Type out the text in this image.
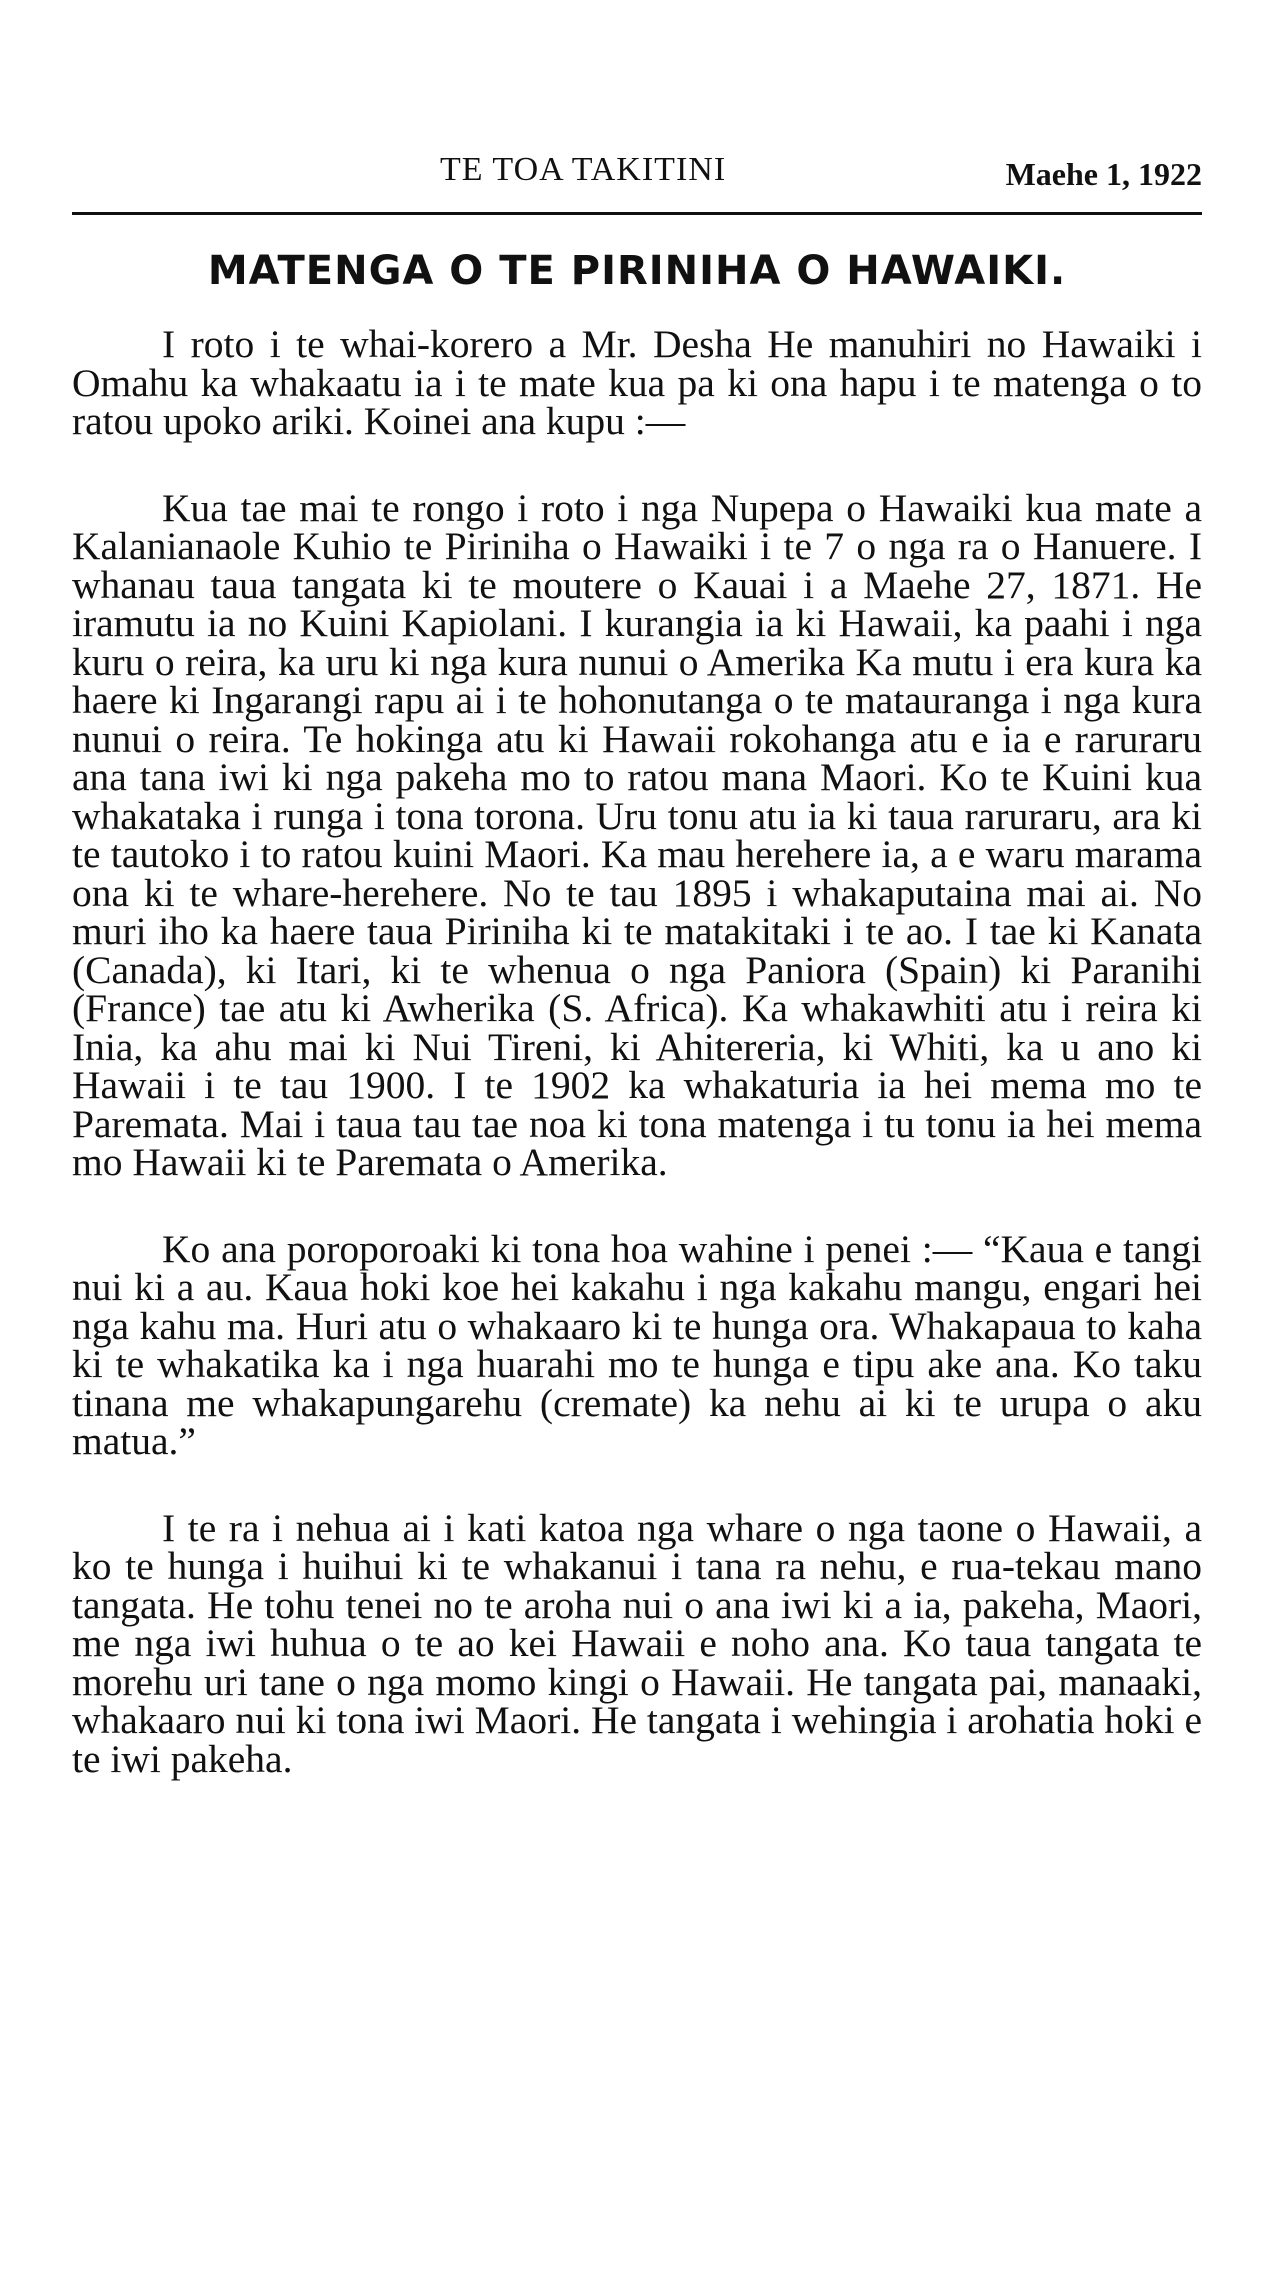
TE TOA TAKITINI	Maehe 1, 1922
MATENGA O TE PIRINIHA O HAWAIKI.

I roto i te whai-korero a Mr. Desha He manuhiri no Hawaiki i Omahu ka whakaatu ia i te mate kua pa ki ona hapu i te matenga o to ratou upoko ariki. Koinei ana kupu :—

Kua tae mai te rongo i roto i nga Nupepa o Hawaiki kua mate a Kalanianaole Kuhio te Piriniha o Hawaiki i te 7 o nga ra o Hanuere. I whanau taua tangata ki te moutere o Kauai i a Maehe 27, 1871. He iramutu ia no Kuini Kapiolani. I kurangia ia ki Hawaii, ka paahi i nga kuru o reira, ka uru ki nga kura nunui o Amerika Ka mutu i era kura ka haere ki Ingarangi rapu ai i te hohonutanga o te matauranga i nga kura nunui o reira. Te hokinga atu ki Hawaii rokohanga atu e ia e raruraru ana tana iwi ki nga pakeha mo to ratou mana Maori. Ko te Kuini kua whakataka i runga i tona torona. Uru tonu atu ia ki taua raruraru, ara ki te tautoko i to ratou kuini Maori. Ka mau herehere ia, a e waru marama ona ki te whare-herehere. No te tau 1895 i whakaputaina mai ai. No muri iho ka haere taua Piriniha ki te matakitaki i te ao. I tae ki Kanata (Canada), ki Itari, ki te whenua o nga Paniora (Spain) ki Paranihi (France) tae atu ki Awherika (S. Africa). Ka whakawhiti atu i reira ki Inia, ka ahu mai ki Nui Tireni, ki Ahitereria, ki Whiti, ka u ano ki Hawaii i te tau 1900. I te 1902 ka whakaturia ia hei mema mo te Paremata. Mai i taua tau tae noa ki tona matenga i tu tonu ia hei mema mo Hawaii ki te Paremata o Amerika.

Ko ana poroporoaki ki tona hoa wahine i penei :— “Kaua e tangi nui ki a au. Kaua hoki koe hei kakahu i nga kakahu mangu, engari hei nga kahu ma. Huri atu o whakaaro ki te hunga ora. Whakapaua to kaha ki te whakatika ka i nga huarahi mo te hunga e tipu ake ana. Ko taku tinana me whakapungarehu (cremate) ka nehu ai ki te urupa o aku matua.”

I te ra i nehua ai i kati katoa nga whare o nga taone o Hawaii, a ko te hunga i huihui ki te whakanui i tana ra nehu, e rua-tekau mano tangata. He tohu tenei no te aroha nui o ana iwi ki a ia, pakeha, Maori, me nga iwi huhua o te ao kei Hawaii e noho ana. Ko taua tangata te morehu uri tane o nga momo kingi o Hawaii. He tangata pai, manaaki, whakaaro nui ki tona iwi Maori. He tangata i wehingia i arohatia hoki e te iwi pakeha.
